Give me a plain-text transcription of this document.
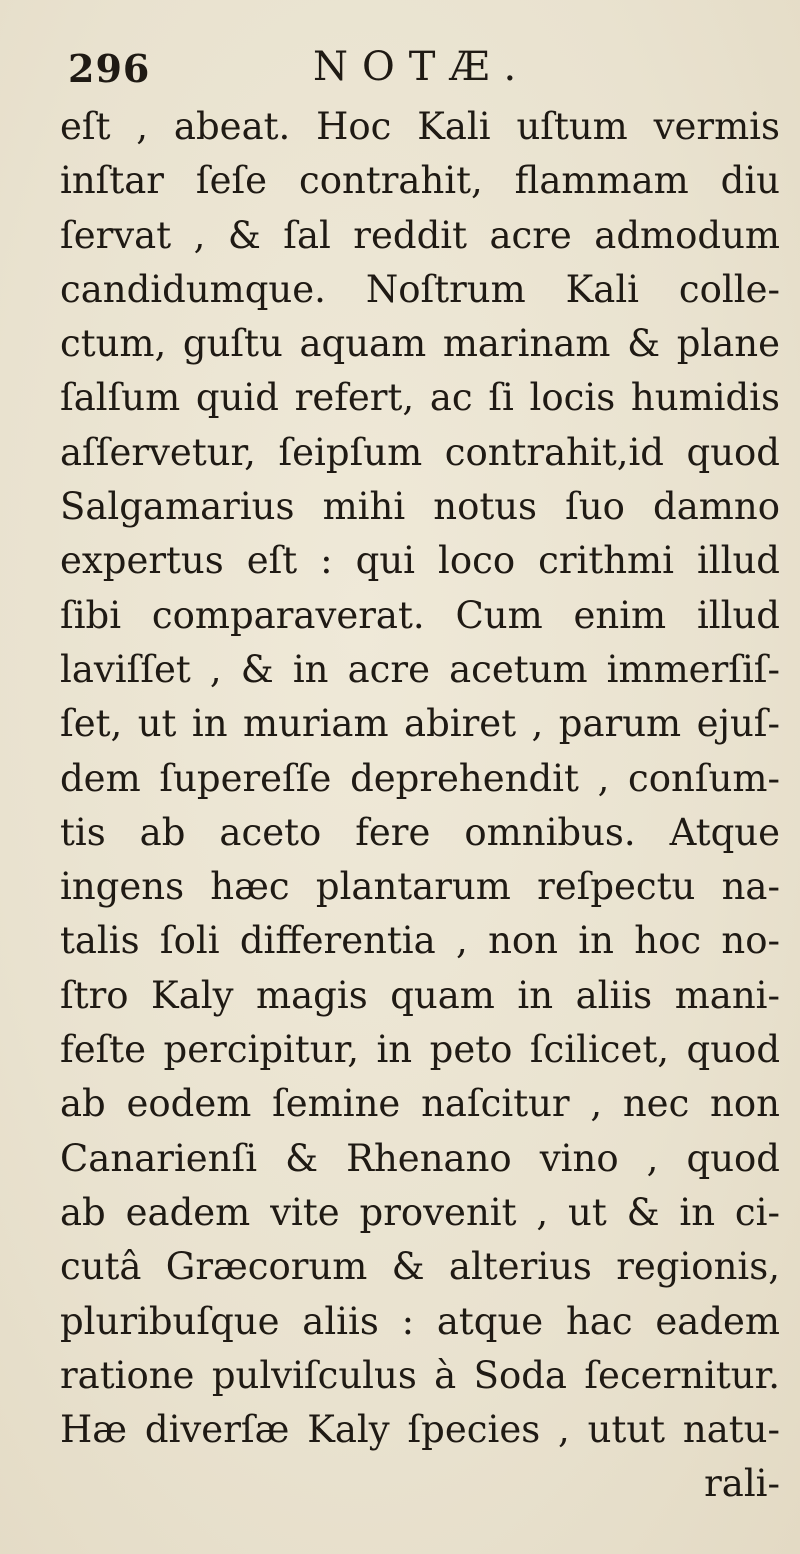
296	NOTÆ.
eſt , abeat. Hoc Kali uſtum vermis
inſtar ſeſe contrahit, flammam diu
ſervat , & ſal reddit acre admodum
candidumque. Noſtrum Kali colle-
ctum, guſtu aquam marinam & plane
ſalſum quid refert, ac ſi locis humidis
aſſervetur, ſeipſum contrahit,id quod
Salgamarius mihi notus ſuo damno
expertus eſt : qui loco crithmi illud
ſibi comparaverat. Cum enim illud
laviſſet , & in acre acetum immerſiſ-
ſet, ut in muriam abiret , parum ejuſ-
dem ſupereſſe deprehendit , conſum-
tis ab aceto fere omnibus. Atque
ingens hæc plantarum reſpectu na-
talis ſoli differentia , non in hoc no-
ſtro Kaly magis quam in aliis mani-
feſte percipitur, in peto ſcilicet, quod
ab eodem ſemine naſcitur , nec non
Canarienſi & Rhenano vino , quod
ab eadem vite provenit , ut & in ci-
cutâ Græcorum & alterius regionis,
pluribuſque aliis : atque hac eadem
ratione pulviſculus à Soda ſecernitur.
Hæ diverſæ Kaly ſpecies , utut natu-
rali-
